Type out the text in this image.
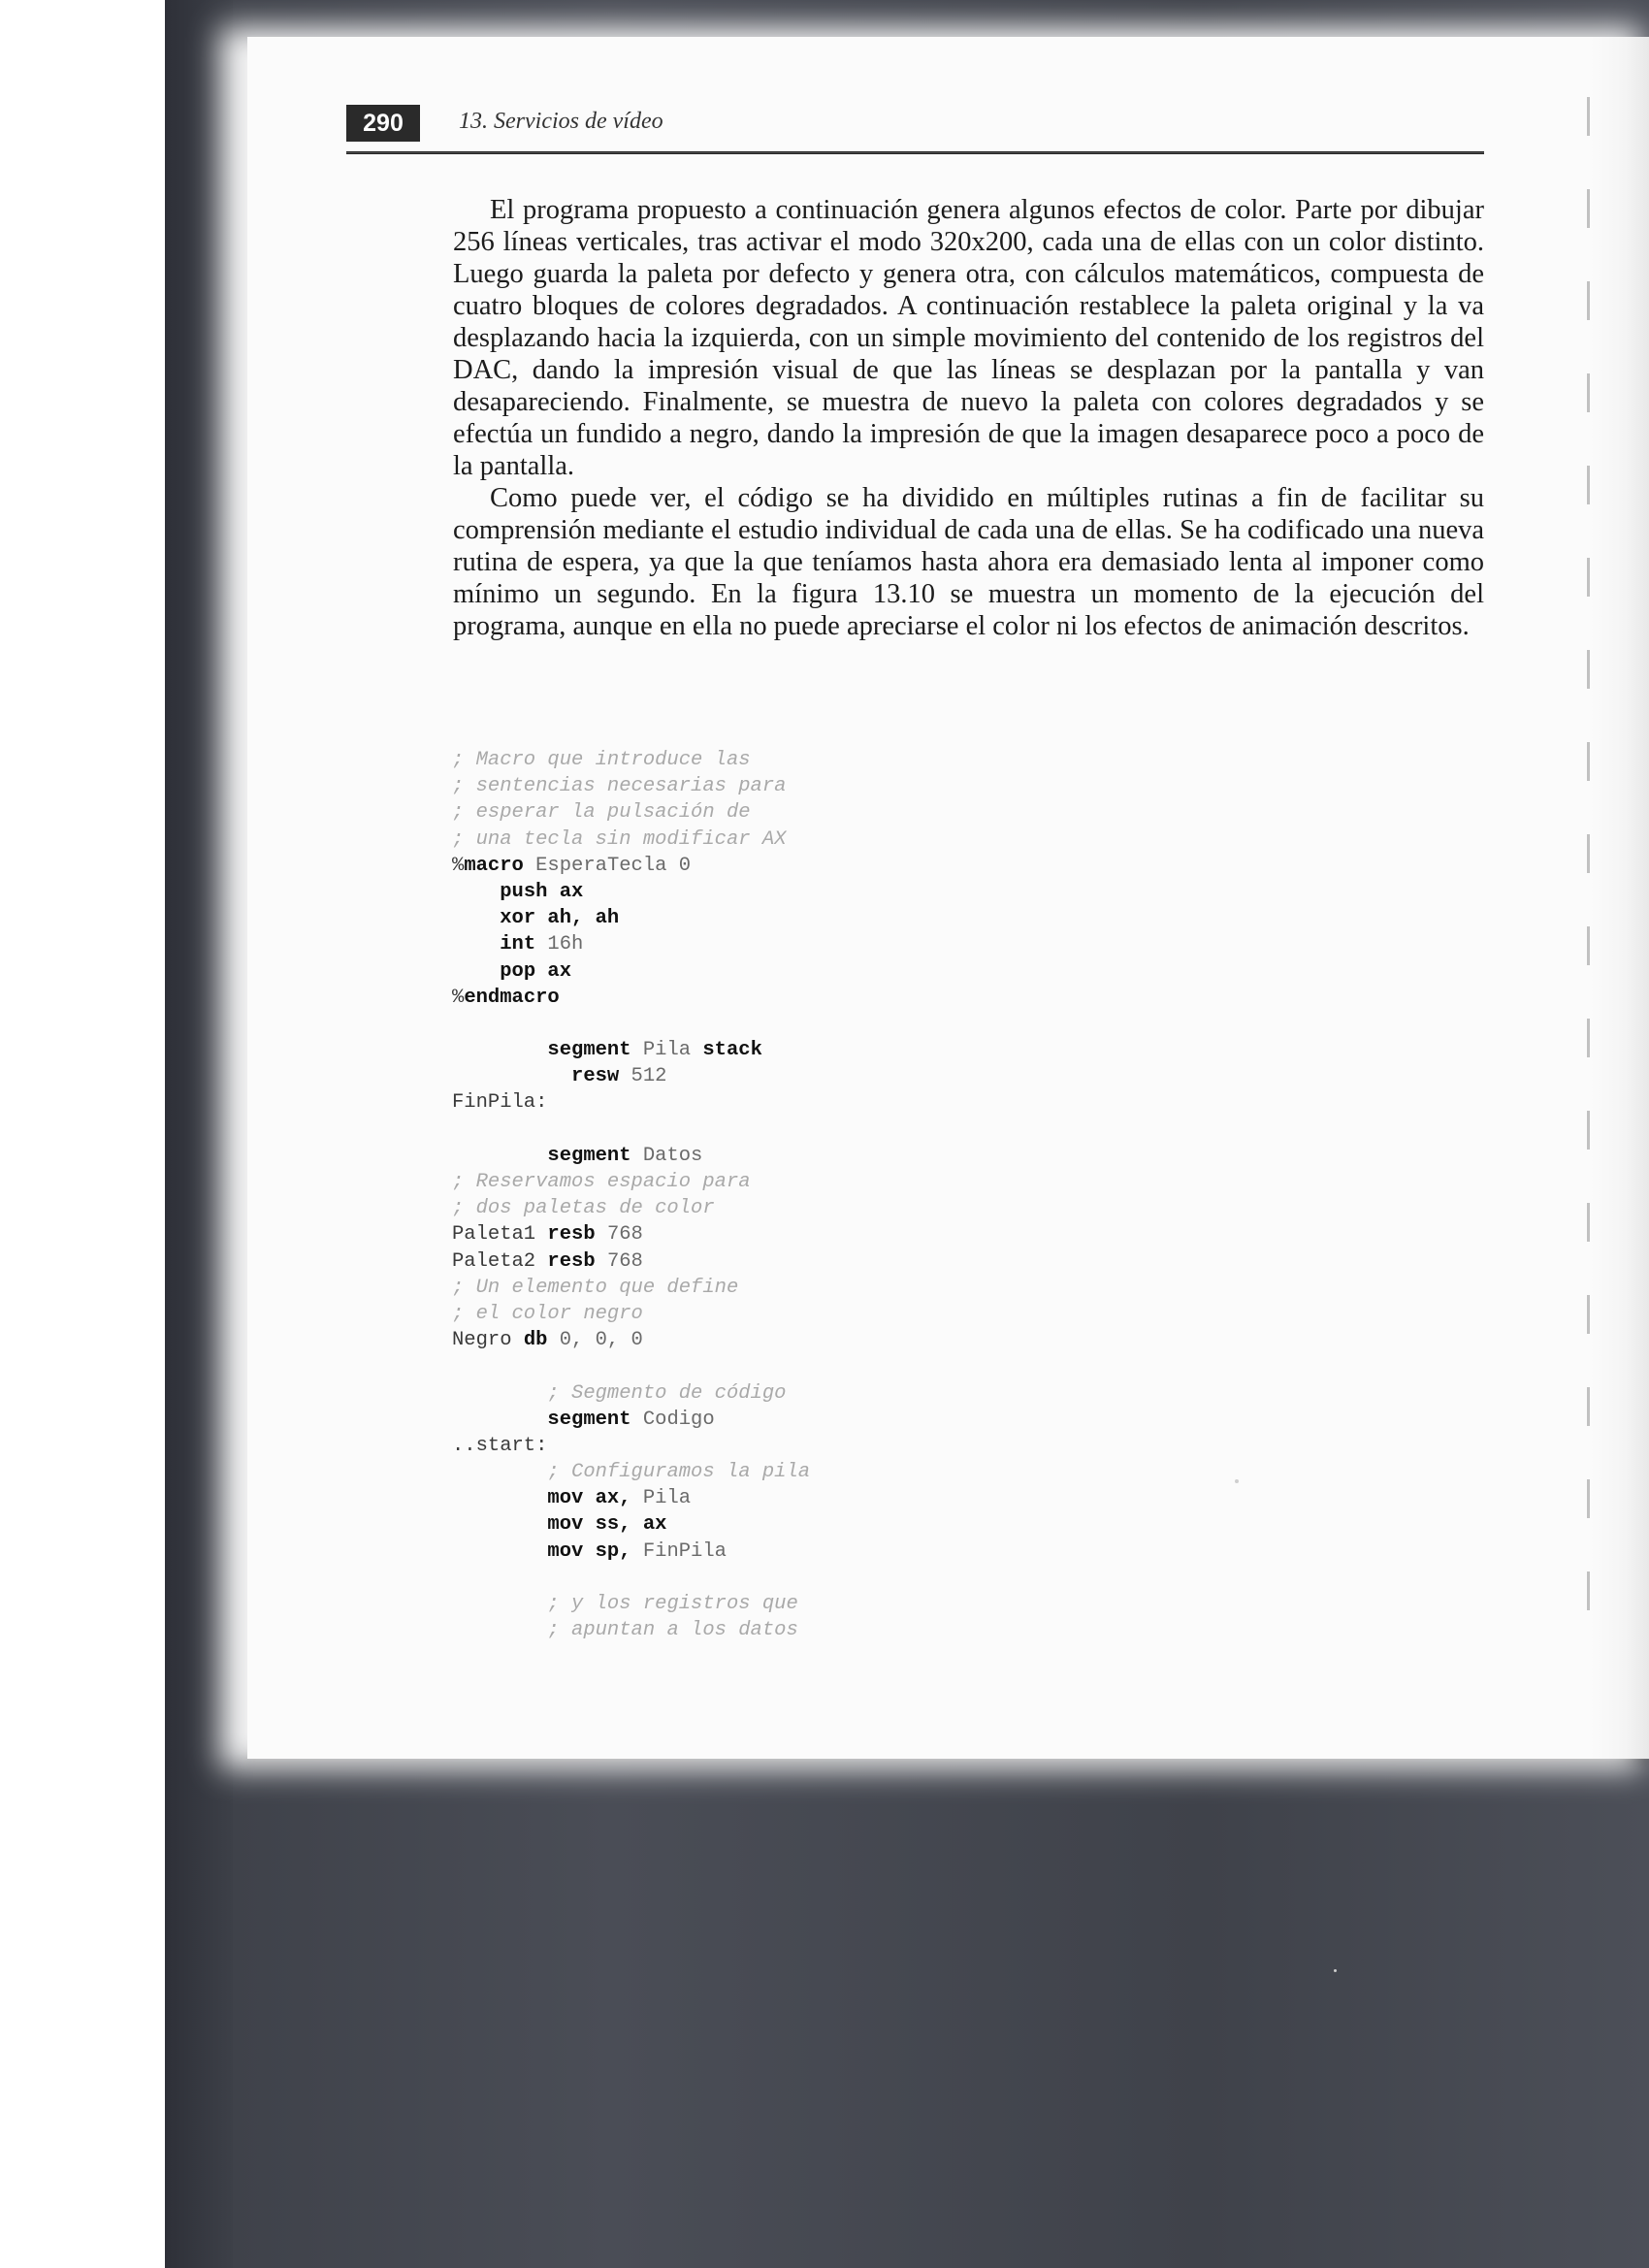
290	13. Servicios de vídeo

El programa propuesto a continuación genera algunos efectos de color. Parte por dibujar 256 líneas verticales, tras activar el modo 320x200, cada una de ellas con un color distinto. Luego guarda la paleta por defecto y genera otra, con cálculos matemáticos, compuesta de cuatro bloques de colores degradados. A continuación restablece la paleta original y la va desplazando hacia la izquierda, con un simple movimiento del contenido de los registros del DAC, dando la impresión visual de que las líneas se desplazan por la pantalla y van desapareciendo. Finalmente, se muestra de nuevo la paleta con colores degradados y se efectúa un fundido a negro, dando la impresión de que la imagen desaparece poco a poco de la pantalla.

Como puede ver, el código se ha dividido en múltiples rutinas a fin de facilitar su comprensión mediante el estudio individual de cada una de ellas. Se ha codificado una nueva rutina de espera, ya que la que teníamos hasta ahora era demasiado lenta al imponer como mínimo un segundo. En la figura 13.10 se muestra un momento de la ejecución del programa, aunque en ella no puede apreciarse el color ni los efectos de animación descritos.

; Macro que introduce las
; sentencias necesarias para
; esperar la pulsación de
; una tecla sin modificar AX
%macro EsperaTecla 0
push ax
xor ah, ah
int 16h
pop ax
%endmacro

segment Pila stack
resw 512
FinPila:

segment Datos
; Reservamos espacio para
; dos paletas de color
Paleta1 resb 768
Paleta2 resb 768
; Un elemento que define
; el color negro
Negro db 0, 0, 0

; Segmento de código
segment Codigo
..start:
; Configuramos la pila
mov ax, Pila
mov ss, ax
mov sp, FinPila

; y los registros que
; apuntan a los datos
